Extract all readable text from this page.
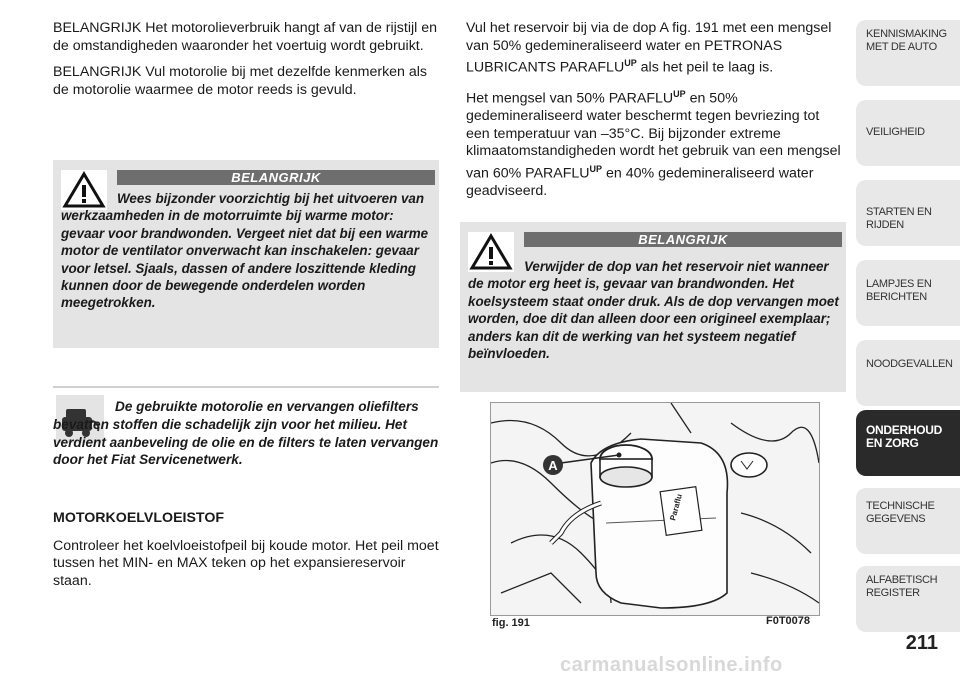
BELANGRIJK Het motorolieverbruik hangt af van de rijstijl en de omstandigheden waaronder het voertuig wordt gebruikt.

BELANGRIJK Vul motorolie bij met dezelfde kenmerken als de motorolie waarmee de motor reeds is gevuld.

BELANGRIJK
Wees bijzonder voorzichtig bij het uitvoeren van werkzaamheden in de motorruimte bij warme motor: gevaar voor brandwonden. Vergeet niet dat bij een warme motor de ventilator onverwacht kan inschakelen: gevaar voor letsel. Sjaals, dassen of andere loszittende kleding kunnen door de bewegende onderdelen worden meegetrokken.
De gebruikte motorolie en vervangen oliefilters bevatten stoffen die schadelijk zijn voor het milieu. Het verdient aanbeveling de olie en de filters te laten vervangen door het Fiat Servicenetwerk.

MOTORKOELVLOEISTOF

Controleer het koelvloeistofpeil bij koude motor. Het peil moet tussen het MIN- en MAX teken op het expansiereservoir staan.

Vul het reservoir bij via de dop A fig. 191 met een mengsel van 50% gedemineraliseerd water en PETRONAS LUBRICANTS $PARAFLU^{UP}$ als het peil te laag is.

Het mengsel van 50% $PARAFLU^{UP}$ en 50% gedemineraliseerd water beschermt tegen bevriezing tot een temperatuur van –35°C. Bij bijzonder extreme klimaatomstandigheden wordt het gebruik van een mengsel van 60% $PARAFLU^{UP}$ en 40% gedemineraliseerd water geadviseerd.

BELANGRIJK
Verwijder de dop van het reservoir niet wanneer de motor erg heet is, gevaar van brandwonden. Het koelsysteem staat onder druk. Als de dop vervangen moet worden, doe dit dan alleen door een origineel exemplaar; anders kan dit de werking van het systeem negatief beïnvloeden.
A
Paraflu
fig. 191	F0T0078
KENNISMAKING MET DE AUTO
VEILIGHEID
STARTEN EN RIJDEN
LAMPJES EN BERICHTEN
NOODGEVALLEN
ONDERHOUD EN ZORG
TECHNISCHE GEGEVENS
ALFABETISCH REGISTER
211
carmanualsonline.info
